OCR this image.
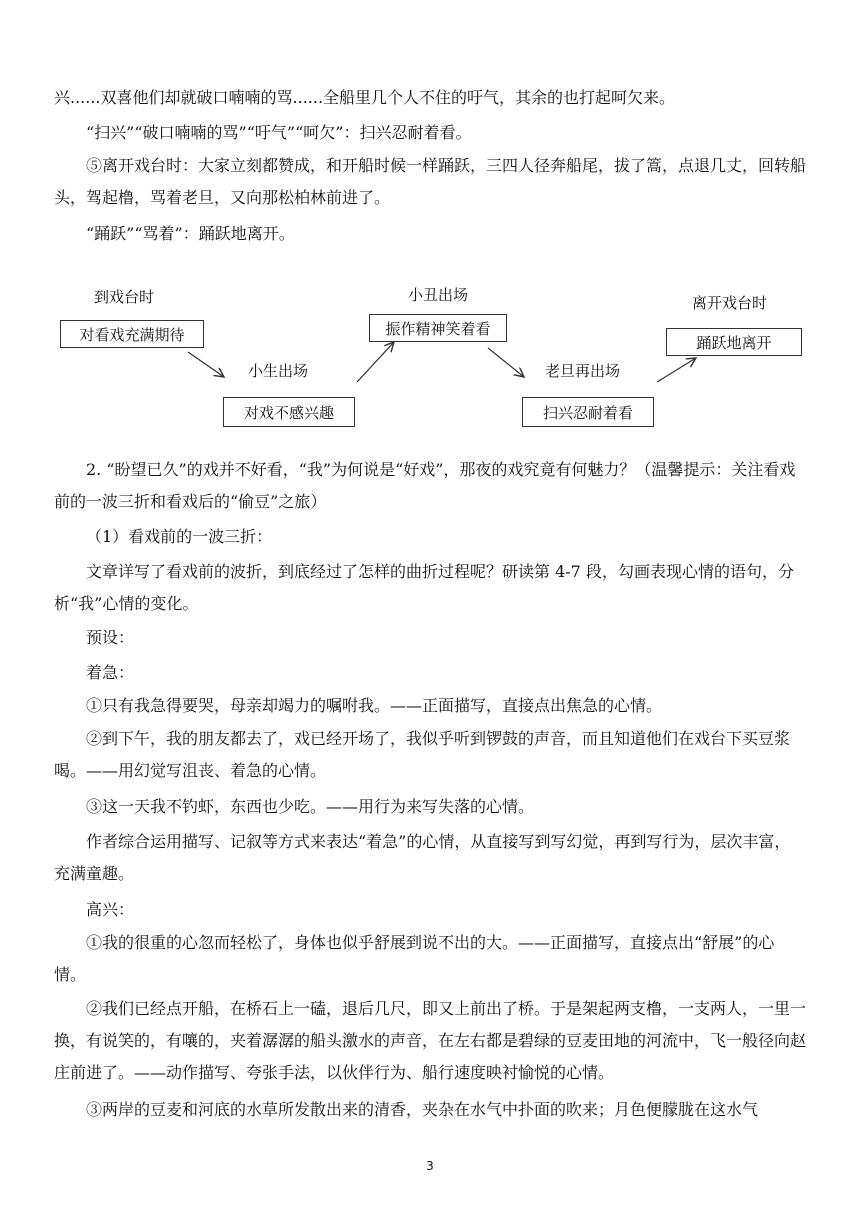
兴......双喜他们却就破口喃喃的骂......全船里几个人不住的吁气，其余的也打起呵欠来。

“扫兴”“破口喃喃的骂”“吁气”“呵欠”：扫兴忍耐着看。

⑤离开戏台时：大家立刻都赞成，和开船时候一样踊跃，三四人径奔船尾，拔了篙，点退几丈，回转船头，驾起橹，骂着老旦，又向那松柏林前进了。

“踊跃”“骂着”：踊跃地离开。

到戏台时
对看戏充满期待
小生出场
对戏不感兴趣
小丑出场
振作精神笑着看
老旦再出场
扫兴忍耐着看
离开戏台时
踊跃地离开

2. “盼望已久”的戏并不好看，“我”为何说是“好戏”，那夜的戏究竟有何魅力？（温馨提示：关注看戏前的一波三折和看戏后的“偷豆”之旅）

（1）看戏前的一波三折：

文章详写了看戏前的波折，到底经过了怎样的曲折过程呢？研读第 4-7 段，勾画表现心情的语句，分析“我”心情的变化。

预设：

着急：

①只有我急得要哭，母亲却竭力的嘱咐我。——正面描写，直接点出焦急的心情。

②到下午，我的朋友都去了，戏已经开场了，我似乎听到锣鼓的声音，而且知道他们在戏台下买豆浆喝。——用幻觉写沮丧、着急的心情。

③这一天我不钓虾，东西也少吃。——用行为来写失落的心情。

作者综合运用描写、记叙等方式来表达“着急”的心情，从直接写到写幻觉，再到写行为，层次丰富，充满童趣。

高兴：

①我的很重的心忽而轻松了，身体也似乎舒展到说不出的大。——正面描写，直接点出“舒展”的心情。

②我们已经点开船，在桥石上一磕，退后几尺，即又上前出了桥。于是架起两支橹，一支两人，一里一换，有说笑的，有嚷的，夹着潺潺的船头激水的声音，在左右都是碧绿的豆麦田地的河流中，飞一般径向赵庄前进了。——动作描写、夸张手法，以伙伴行为、船行速度映衬愉悦的心情。

③两岸的豆麦和河底的水草所发散出来的清香，夹杂在水气中扑面的吹来；月色便朦胧在这水气

3
